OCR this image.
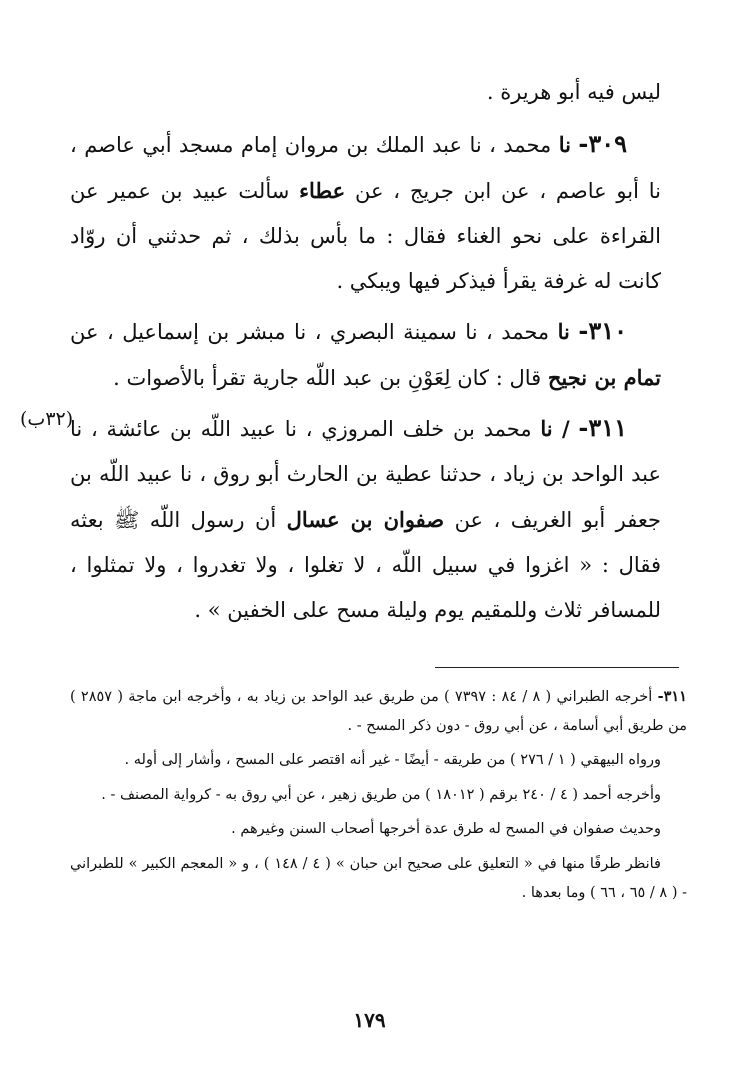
ليس فيه أبو هريرة .

٣٠٩- نا محمد ، نا عبد الملك بن مروان إمام مسجد أبي عاصم ، نا أبو عاصم ، عن ابن جريج ، عن عطاء سألت عبيد بن عمير عن القراءة على نحو الغناء فقال : ما بأس بذلك ، ثم حدثني أن روّاد كانت له غرفة يقرأ فيذكر فيها ويبكي .

٣١٠- نا محمد ، نا سمينة البصري ، نا مبشر بن إسماعيل ، عن تمام بن نجيح قال : كان لِعَوْنِ بن عبد اللّه جارية تقرأ بالأصوات .

٣١١- / نا محمد بن خلف المروزي ، نا عبيد اللّه بن عائشة ، نا عبد الواحد بن زياد ، حدثنا عطية بن الحارث أبو روق ، نا عبيد اللّه بن جعفر أبو الغريف ، عن صفوان بن عسال أن رسول اللّه ﷺ بعثه فقال : « اغزوا في سبيل اللّه ، لا تغلوا ، ولا تغدروا ، ولا تمثلوا ، للمسافر ثلاث وللمقيم يوم وليلة مسح على الخفين » .

(٣٢ب)

٣١١- أخرجه الطبراني ( ٨ / ٨٤ : ٧٣٩٧ ) من طريق عبد الواحد بن زياد به ، وأخرجه ابن ماجة ( ٢٨٥٧ ) من طريق أبي أسامة ، عن أبي روق - دون ذكر المسح - .

ورواه البيهقي ( ١ / ٢٧٦ ) من طريقه - أيضًا - غير أنه اقتصر على المسح ، وأشار إلى أوله .

وأخرجه أحمد ( ٤ / ٢٤٠ برقم ( ١٨٠١٢ ) من طريق زهير ، عن أبي روق به - كرواية المصنف - .

وحديث صفوان في المسح له طرق عدة أخرجها أصحاب السنن وغيرهم .

فانظر طرفًا منها في « التعليق على صحيح ابن حبان » ( ٤ / ١٤٨ ) ، و « المعجم الكبير » للطبراني - ( ٨ / ٦٥ ، ٦٦ ) وما بعدها .

١٧٩
